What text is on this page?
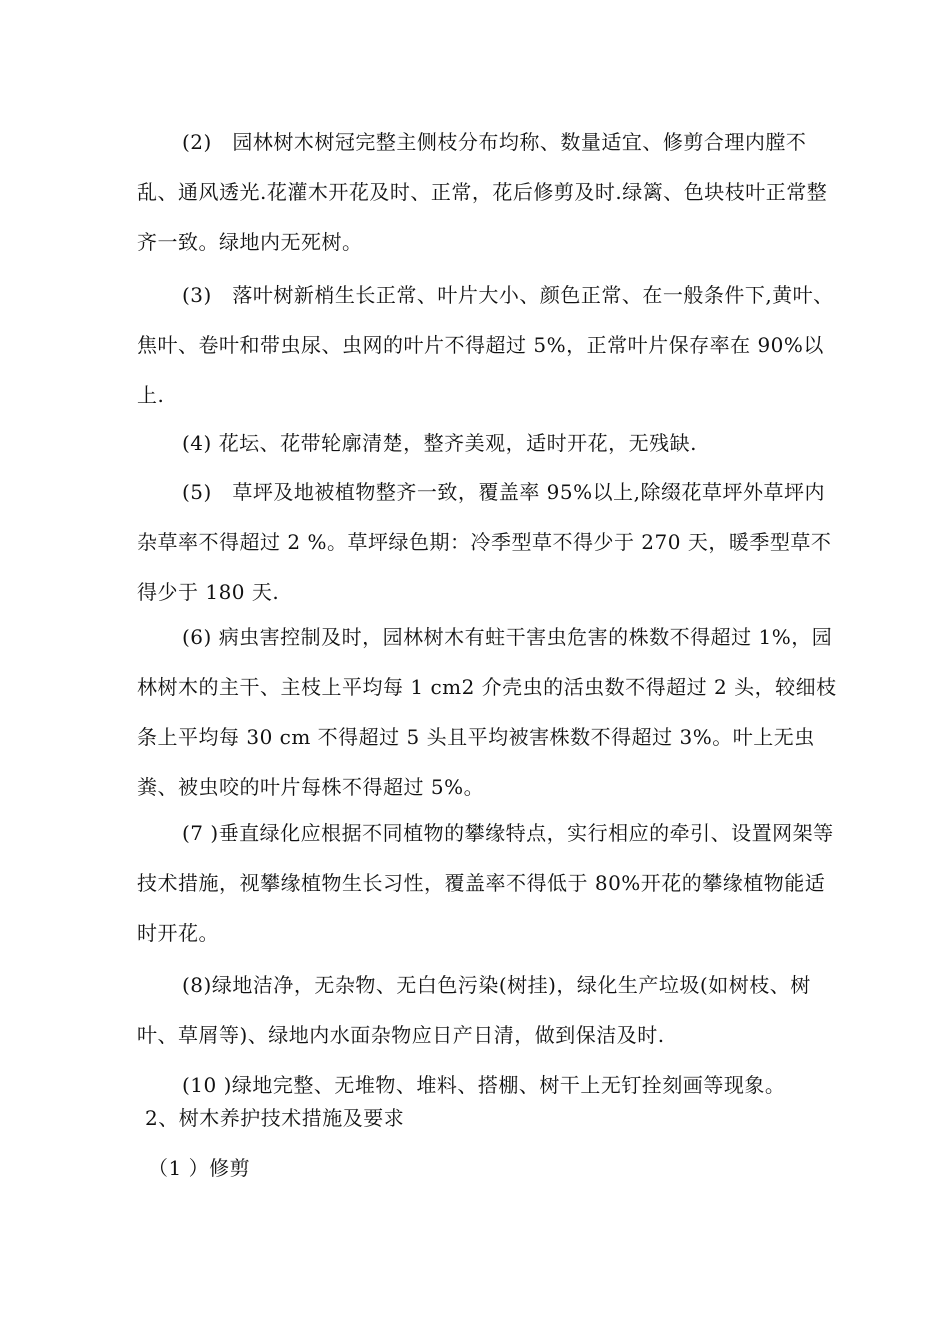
(2)　园林树木树冠完整主侧枝分布均称、数量适宜、修剪合理内膛不乱、通风透光.花灌木开花及时、正常，花后修剪及时.绿篱、色块枝叶正常整齐一致。绿地内无死树。

(3)　落叶树新梢生长正常、叶片大小、颜色正常、在一般条件下,黄叶、焦叶、卷叶和带虫尿、虫网的叶片不得超过 5%，正常叶片保存率在 90%以上.

(4) 花坛、花带轮廓清楚，整齐美观，适时开花，无残缺.

(5)　草坪及地被植物整齐一致，覆盖率 95%以上,除缀花草坪外草坪内杂草率不得超过 2 %。草坪绿色期：冷季型草不得少于 270 天，暖季型草不得少于 180 天.

(6) 病虫害控制及时，园林树木有蛀干害虫危害的株数不得超过 1%，园林树木的主干、主枝上平均每 1 cm2 介壳虫的活虫数不得超过 2 头，较细枝条上平均每 30 cm 不得超过 5 头且平均被害株数不得超过 3%。叶上无虫粪、被虫咬的叶片每株不得超过 5%。

(7 )垂直绿化应根据不同植物的攀缘特点，实行相应的牵引、设置网架等技术措施，视攀缘植物生长习性，覆盖率不得低于 80%开花的攀缘植物能适时开花。

(8)绿地洁净，无杂物、无白色污染(树挂)，绿化生产垃圾(如树枝、树叶、草屑等)、绿地内水面杂物应日产日清，做到保洁及时.

(10 )绿地完整、无堆物、堆料、搭棚、树干上无钉拴刻画等现象。

2、树木养护技术措施及要求

（1 ）修剪
